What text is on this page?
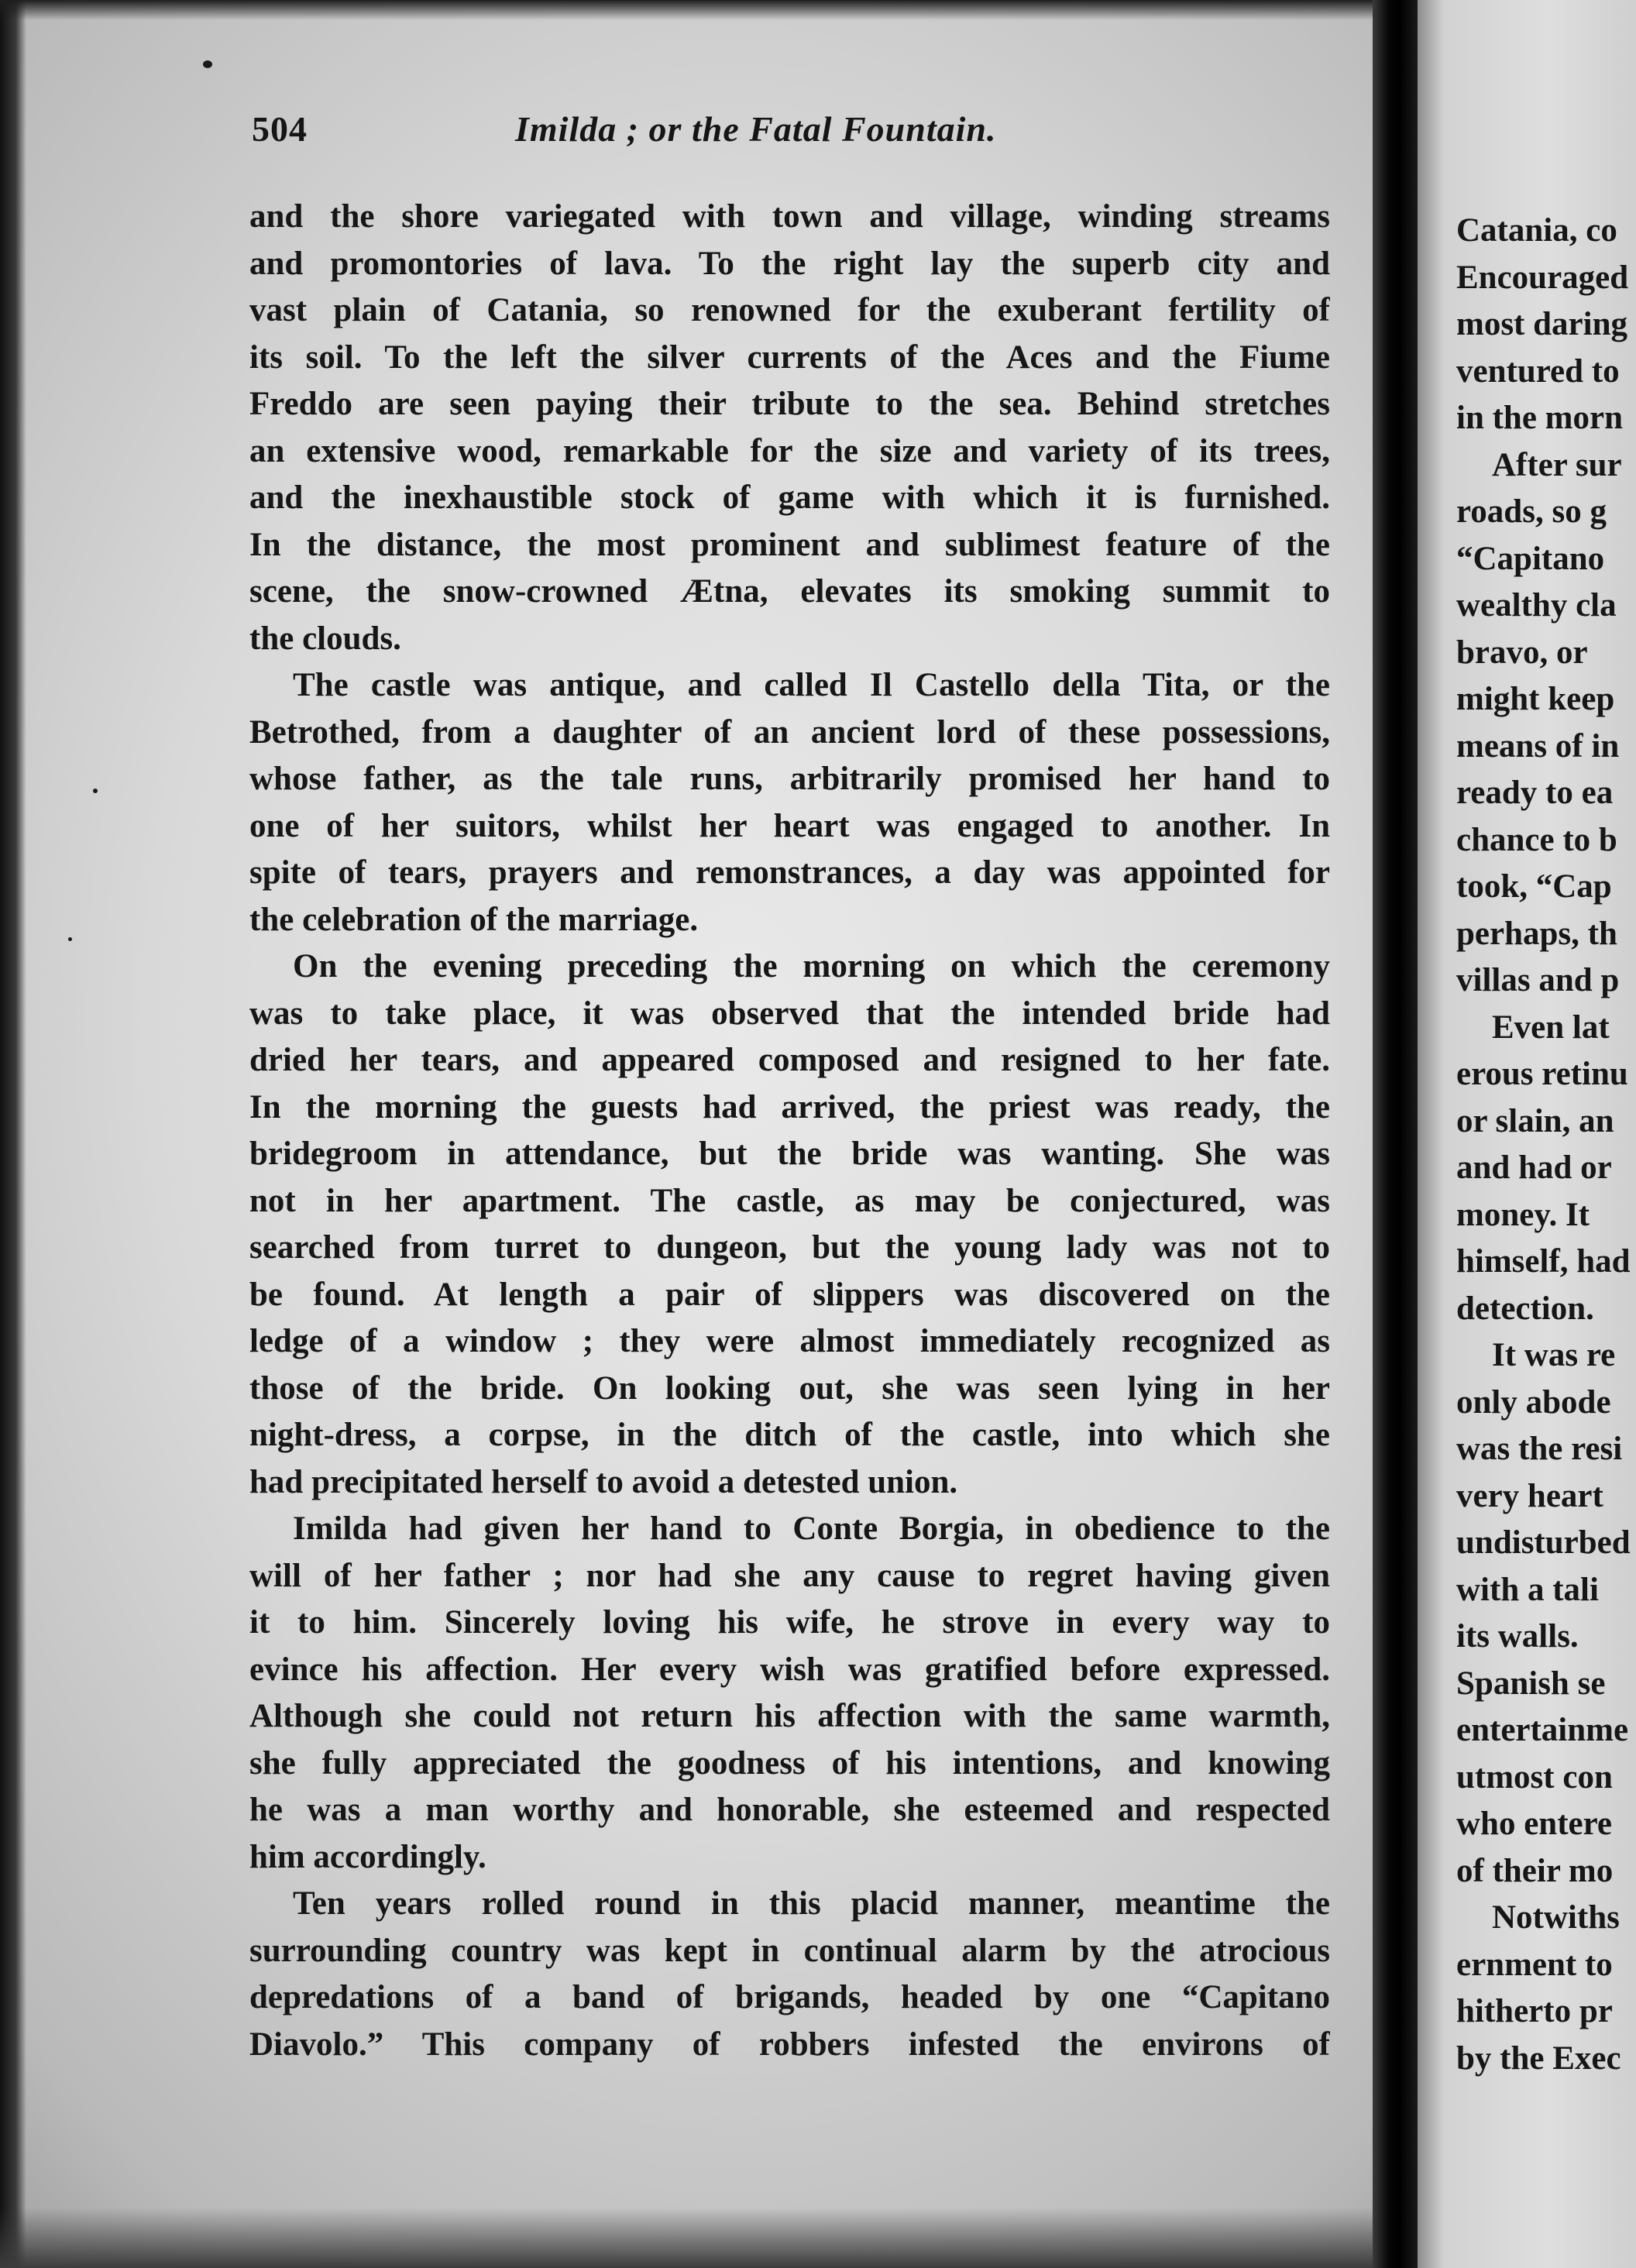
504	Imilda ; or the Fatal Fountain.
and the shore variegated with town and village, winding streams
and promontories of lava. To the right lay the superb city and
vast plain of Catania, so renowned for the exuberant fertility of
its soil. To the left the silver currents of the Aces and the Fiume
Freddo are seen paying their tribute to the sea. Behind stretches
an extensive wood, remarkable for the size and variety of its trees,
and the inexhaustible stock of game with which it is furnished.
In the distance, the most prominent and sublimest feature of the
scene, the snow-crowned Ætna, elevates its smoking summit to
the clouds.
The castle was antique, and called Il Castello della Tita, or the
Betrothed, from a daughter of an ancient lord of these possessions,
whose father, as the tale runs, arbitrarily promised her hand to
one of her suitors, whilst her heart was engaged to another. In
spite of tears, prayers and remonstrances, a day was appointed for
the celebration of the marriage.
On the evening preceding the morning on which the ceremony
was to take place, it was observed that the intended bride had
dried her tears, and appeared composed and resigned to her fate.
In the morning the guests had arrived, the priest was ready, the
bridegroom in attendance, but the bride was wanting. She was
not in her apartment. The castle, as may be conjectured, was
searched from turret to dungeon, but the young lady was not to
be found. At length a pair of slippers was discovered on the
ledge of a window ; they were almost immediately recognized as
those of the bride. On looking out, she was seen lying in her
night-dress, a corpse, in the ditch of the castle, into which she
had precipitated herself to avoid a detested union.
Imilda had given her hand to Conte Borgia, in obedience to the
will of her father ; nor had she any cause to regret having given
it to him. Sincerely loving his wife, he strove in every way to
evince his affection. Her every wish was gratified before expressed.
Although she could not return his affection with the same warmth,
she fully appreciated the goodness of his intentions, and knowing
he was a man worthy and honorable, she esteemed and respected
him accordingly.
Ten years rolled round in this placid manner, meantime the
surrounding country was kept in continual alarm by the atrocious
depredations of a band of brigands, headed by one “Capitano
Diavolo.” This company of robbers infested the environs of
Catania, co
Encouraged
most daring
ventured to
in the morn
After sur
roads, so g
“Capitano
wealthy cla
bravo, or
might keep
means of in
ready to ea
chance to b
took, “Cap
perhaps, th
villas and p
Even lat
erous retinu
or slain, an
and had or
money. It
himself, had
detection.
It was re
only abode
was the resi
very heart
undisturbed
with a tali
its walls.
Spanish se
entertainme
utmost con
who entere
of their mo
Notwiths
ernment to
hitherto pr
by the Exec
